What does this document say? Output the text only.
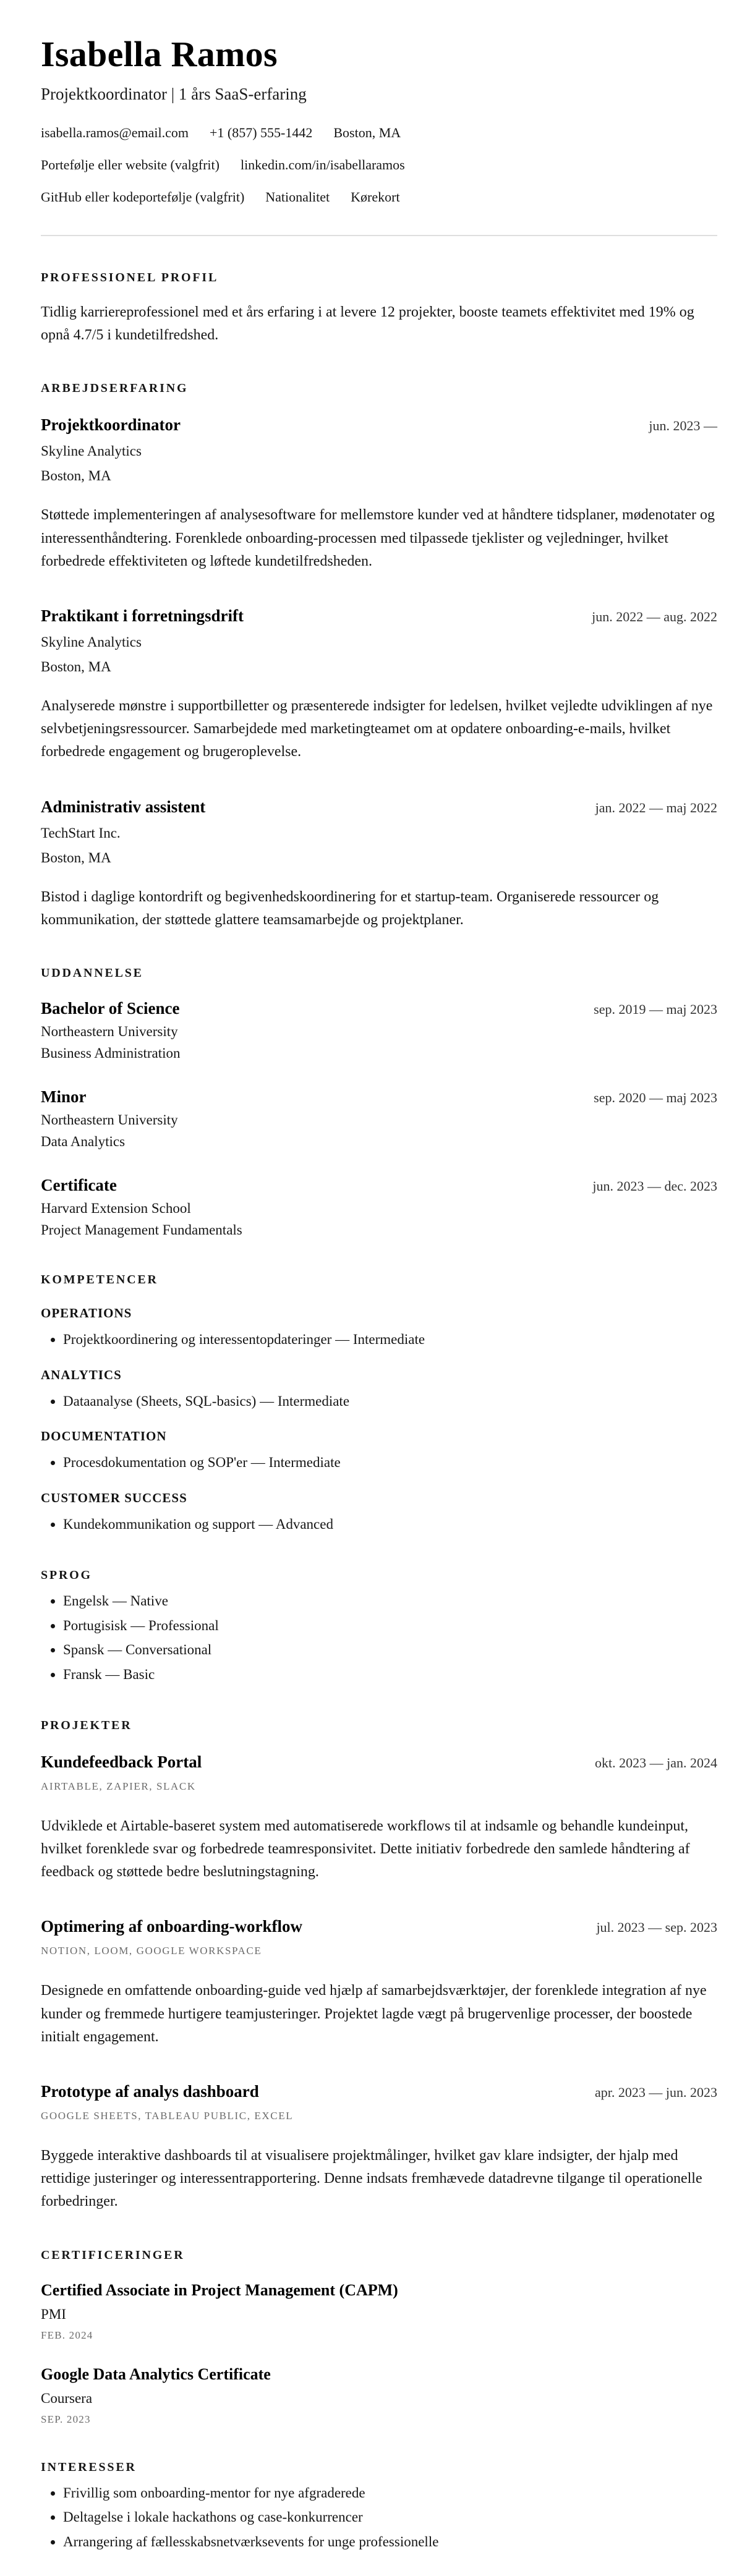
Isabella Ramos
Projektkoordinator | 1 års SaaS-erfaring
isabella.ramos@email.com +1 (857) 555-1442 Boston, MA
Portefølje eller website (valgfrit) linkedin.com/in/isabellaramos
GitHub eller kodeportefølje (valgfrit) Nationalitet Kørekort
PROFESSIONEL PROFIL

Tidlig karriereprofessionel med et års erfaring i at levere 12 projekter, booste teamets effektivitet med 19% og opnå 4.7/5 i kundetilfredshed.

ARBEJDSERFARING
Projektkoordinator	jun. 2023 —
Skyline Analytics
Boston, MA

Støttede implementeringen af analysesoftware for mellemstore kunder ved at håndtere tidsplaner, mødenotater og interessenthåndtering. Forenklede onboarding-processen med tilpassede tjeklister og vejledninger, hvilket forbedrede effektiviteten og løftede kundetilfredsheden.

Praktikant i forretningsdrift	jun. 2022 — aug. 2022
Skyline Analytics
Boston, MA

Analyserede mønstre i supportbilletter og præsenterede indsigter for ledelsen, hvilket vejledte udviklingen af nye selvbetjeningsressourcer. Samarbejdede med marketingteamet om at opdatere onboarding-e-mails, hvilket forbedrede engagement og brugeroplevelse.

Administrativ assistent	jan. 2022 — maj 2022
TechStart Inc.
Boston, MA

Bistod i daglige kontordrift og begivenhedskoordinering for et startup-team. Organiserede ressourcer og kommunikation, der støttede glattere teamsamarbejde og projektplaner.

UDDANNELSE
Bachelor of Science	sep. 2019 — maj 2023
Northeastern University
Business Administration
Minor	sep. 2020 — maj 2023
Northeastern University
Data Analytics
Certificate	jun. 2023 — dec. 2023
Harvard Extension School
Project Management Fundamentals
KOMPETENCER
OPERATIONS
• Projektkoordinering og interessentopdateringer — Intermediate
ANALYTICS
• Dataanalyse (Sheets, SQL-basics) — Intermediate
DOCUMENTATION
• Procesdokumentation og SOP'er — Intermediate
CUSTOMER SUCCESS
• Kundekommunikation og support — Advanced
SPROG
• Engelsk — Native
• Portugisisk — Professional
• Spansk — Conversational
• Fransk — Basic
PROJEKTER
Kundefeedback Portal	okt. 2023 — jan. 2024
AIRTABLE, ZAPIER, SLACK

Udviklede et Airtable-baseret system med automatiserede workflows til at indsamle og behandle kundeinput, hvilket forenklede svar og forbedrede teamresponsivitet. Dette initiativ forbedrede den samlede håndtering af feedback og støttede bedre beslutningstagning.

Optimering af onboarding-workflow	jul. 2023 — sep. 2023
NOTION, LOOM, GOOGLE WORKSPACE

Designede en omfattende onboarding-guide ved hjælp af samarbejdsværktøjer, der forenklede integration af nye kunder og fremmede hurtigere teamjusteringer. Projektet lagde vægt på brugervenlige processer, der boostede initialt engagement.

Prototype af analys dashboard	apr. 2023 — jun. 2023
GOOGLE SHEETS, TABLEAU PUBLIC, EXCEL

Byggede interaktive dashboards til at visualisere projektmålinger, hvilket gav klare indsigter, der hjalp med rettidige justeringer og interessentrapportering. Denne indsats fremhævede datadrevne tilgange til operationelle forbedringer.

CERTIFICERINGER
Certified Associate in Project Management (CAPM)
PMI
FEB. 2024
Google Data Analytics Certificate
Coursera
SEP. 2023
INTERESSER
• Frivillig som onboarding-mentor for nye afgraderede
• Deltagelse i lokale hackathons og case-konkurrencer
• Arrangering af fællesskabsnetværksevents for unge professionelle
